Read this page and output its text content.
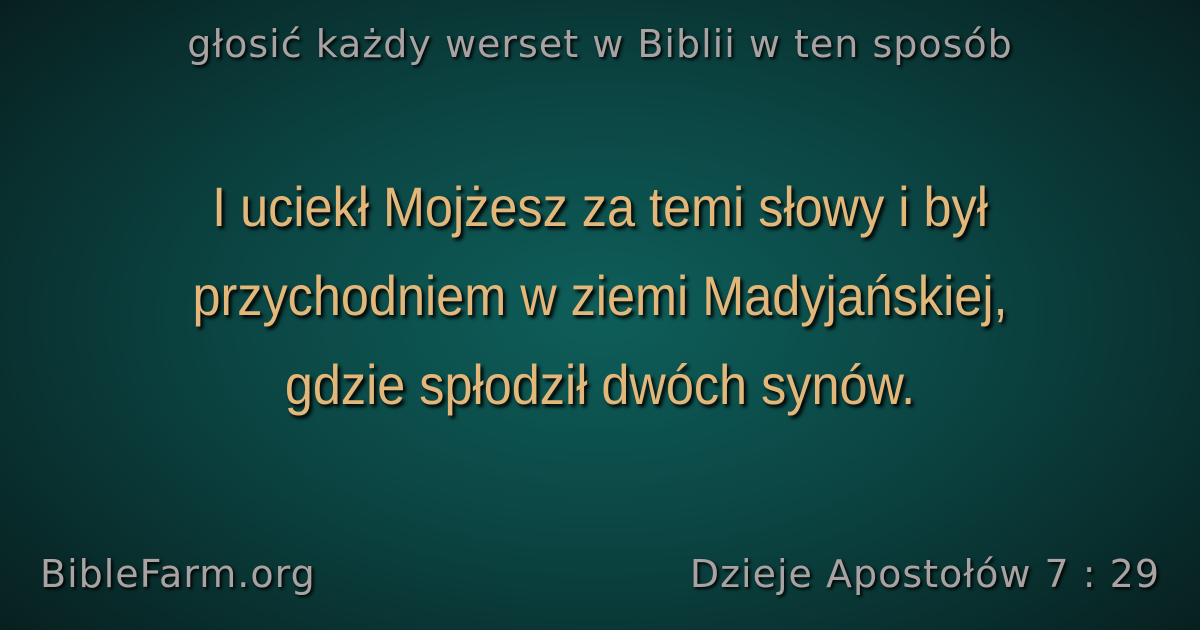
głosić każdy werset w Biblii w ten sposób
I uciekł Mojżesz za temi słowy i był
przychodniem w ziemi Madyjańskiej,
gdzie spłodził dwóch synów.
BibleFarm.org	Dzieje Apostołów 7 : 29
